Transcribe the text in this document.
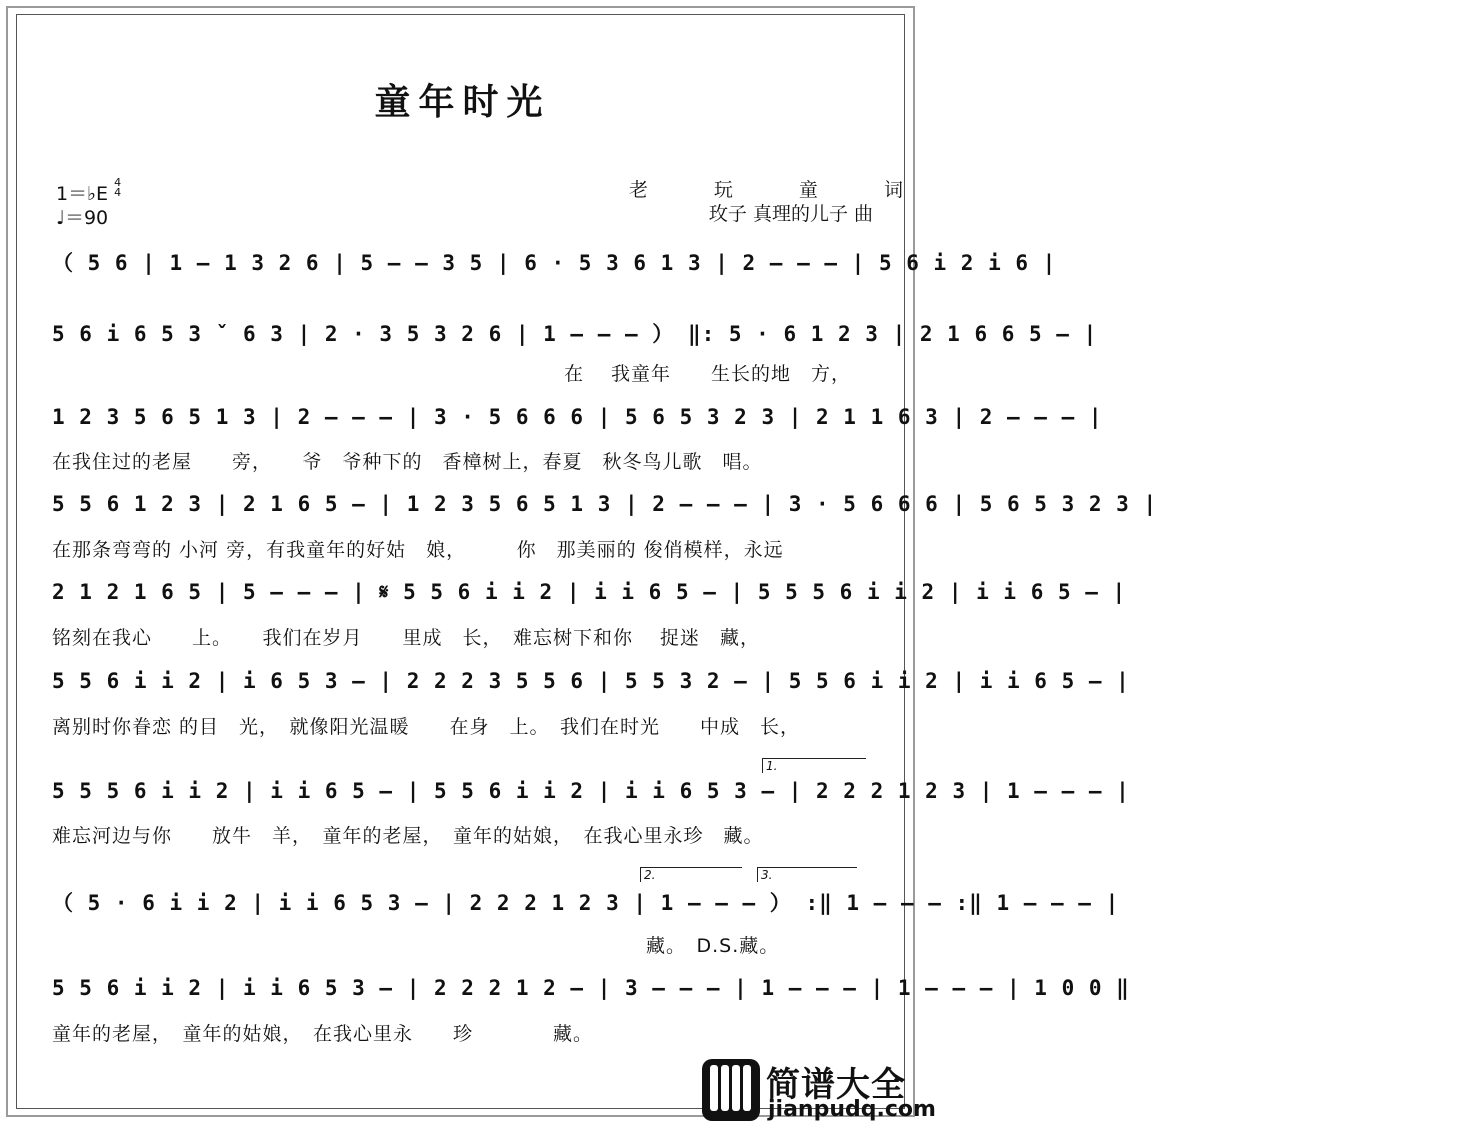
童年时光
1＝♭E 4
4
♩＝90
老 玩 童 词
玫子 真理的儿子 曲
（ 5 6 | 1 — 1 3 2 6 | 5 — — 3 5 | 6 · 5 3 6 1 3 | 2 — — — | 5 6 i 2 i 6 |
5 6 i 6 5 3 ˇ 6 3 | 2 · 3 5 3 2 6 | 1 — — — ） ‖: 5 · 6 1 2 3 | 2 1 6 6 5 — |
在　 我童年　　生长的地　方，
1 2 3 5 6 5 1 3 | 2 — — — | 3 · 5 6 6 6 | 5 6 5 3 2 3 | 2 1 1 6 3 | 2 — — — |
在我住过的老屋　　旁，　　爷　爷种下的　香樟树上，春夏　秋冬鸟儿歌　唱。
5 5 6 1 2 3 | 2 1 6 5 — | 1 2 3 5 6 5 1 3 | 2 — — — | 3 · 5 6 6 6 | 5 6 5 3 2 3 |
在那条弯弯的 小河 旁，有我童年的好姑　娘，　　　你　那美丽的 俊俏模样，永远
2 1 2 1 6 5 | 5 — — — | 𝄋 5 5 6 i i 2 | i i 6 5 — | 5 5 5 6 i i 2 | i i 6 5 — |
铭刻在我心　　上。　　我们在岁月　　里成　长，　难忘树下和你　 捉迷　藏，
5 5 6 i i 2 | i 6 5 3 — | 2 2 2 3 5 5 6 | 5 5 3 2 — | 5 5 6 i i 2 | i i 6 5 — |
离别时你眷恋 的目　光，　就像阳光温暖　　在身　上。　我们在时光　　中成　长，
1.
5 5 5 6 i i 2 | i i 6 5 — | 5 5 6 i i 2 | i i 6 5 3 — | 2 2 2 1 2 3 | 1 — — — |
难忘河边与你　　放牛　羊，　童年的老屋，　童年的姑娘，　在我心里永珍　藏。
2.	3.
（ 5 · 6 i i 2 | i i 6 5 3 — | 2 2 2 1 2 3 | 1 — — — ） :‖ 1 — — — :‖ 1 — — — |
藏。　D.S.藏。
5 5 6 i i 2 | i i 6 5 3 — | 2 2 2 1 2 — | 3 — — — | 1 — — — | 1 — — — | 1 0 0 ‖
童年的老屋，　童年的姑娘，　在我心里永　　珍　　　　藏。
简谱大全
jianpudq.com
